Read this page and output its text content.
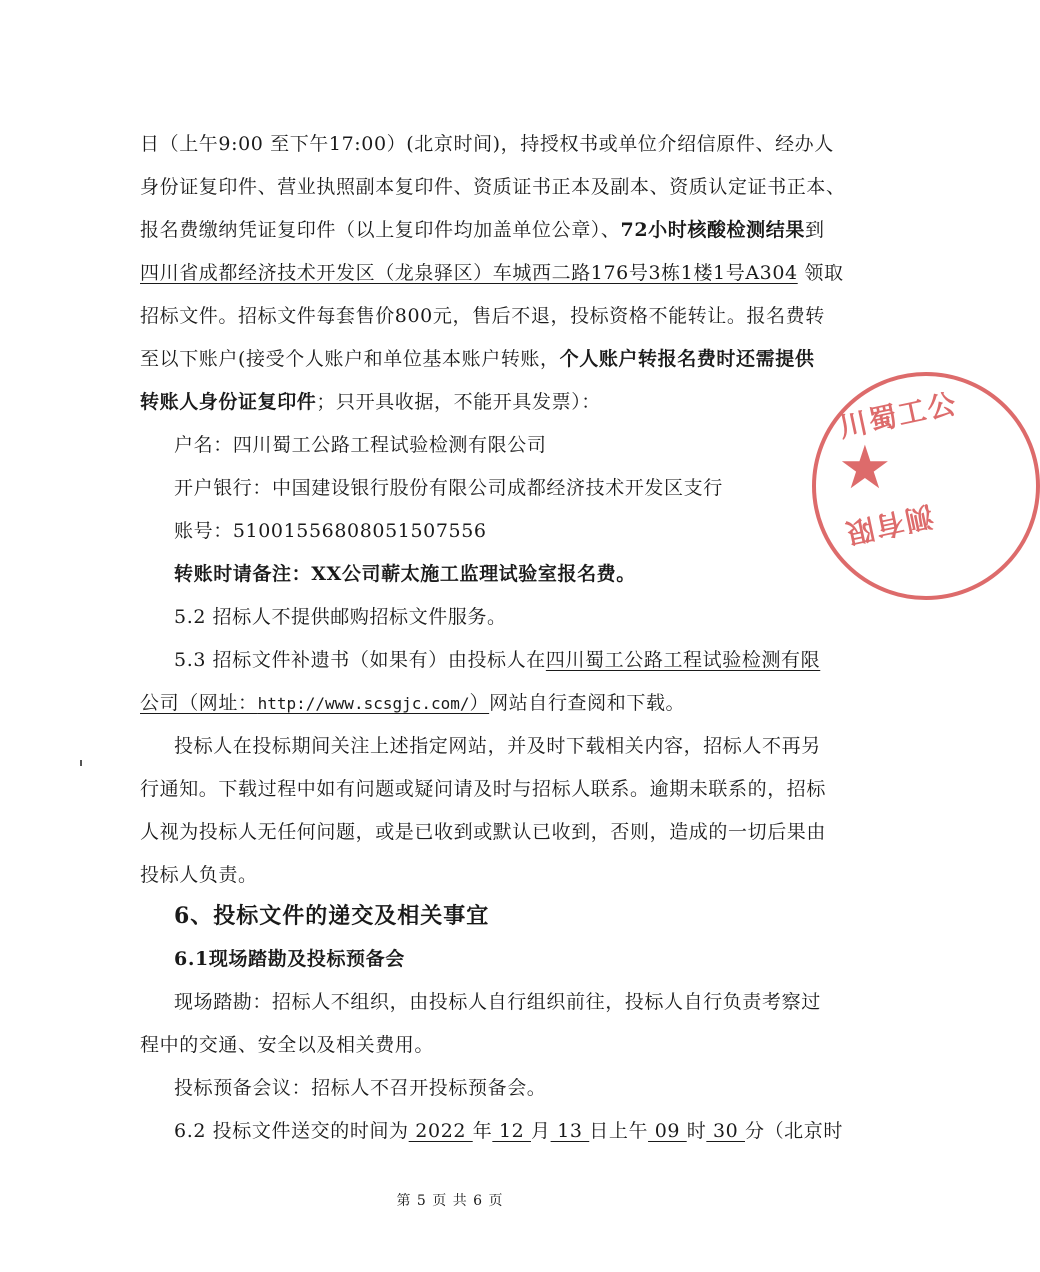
日（上午9:00 至下午17:00）(北京时间)，持授权书或单位介绍信原件、经办人
身份证复印件、营业执照副本复印件、资质证书正本及副本、资质认定证书正本、
报名费缴纳凭证复印件（以上复印件均加盖单位公章）、72小时核酸检测结果到
四川省成都经济技术开发区（龙泉驿区）车城西二路176号3栋1楼1号A304 领取
招标文件。招标文件每套售价800元，售后不退，投标资格不能转让。报名费转
至以下账户(接受个人账户和单位基本账户转账，个人账户转报名费时还需提供
转账人身份证复印件；只开具收据，不能开具发票）：
户名：四川蜀工公路工程试验检测有限公司
开户银行：中国建设银行股份有限公司成都经济技术开发区支行
账号：51001556808051507556
转账时请备注：XX公司蕲太施工监理试验室报名费。
5.2 招标人不提供邮购招标文件服务。
5.3 招标文件补遗书（如果有）由投标人在四川蜀工公路工程试验检测有限
公司（网址：http://www.scsgjc.com/）网站自行查阅和下载。
投标人在投标期间关注上述指定网站，并及时下载相关内容，招标人不再另
行通知。下载过程中如有问题或疑问请及时与招标人联系。逾期未联系的，招标
人视为投标人无任何问题，或是已收到或默认已收到，否则，造成的一切后果由
投标人负责。
6、投标文件的递交及相关事宜
6.1现场踏勘及投标预备会
现场踏勘：招标人不组织，由投标人自行组织前往，投标人自行负责考察过
程中的交通、安全以及相关费用。
投标预备会议：招标人不召开投标预备会。
6.2 投标文件送交的时间为 2022 年 12 月 13 日上午 09 时 30 分（北京时
川蜀工公
★
测有限
第 5 页 共 6 页
